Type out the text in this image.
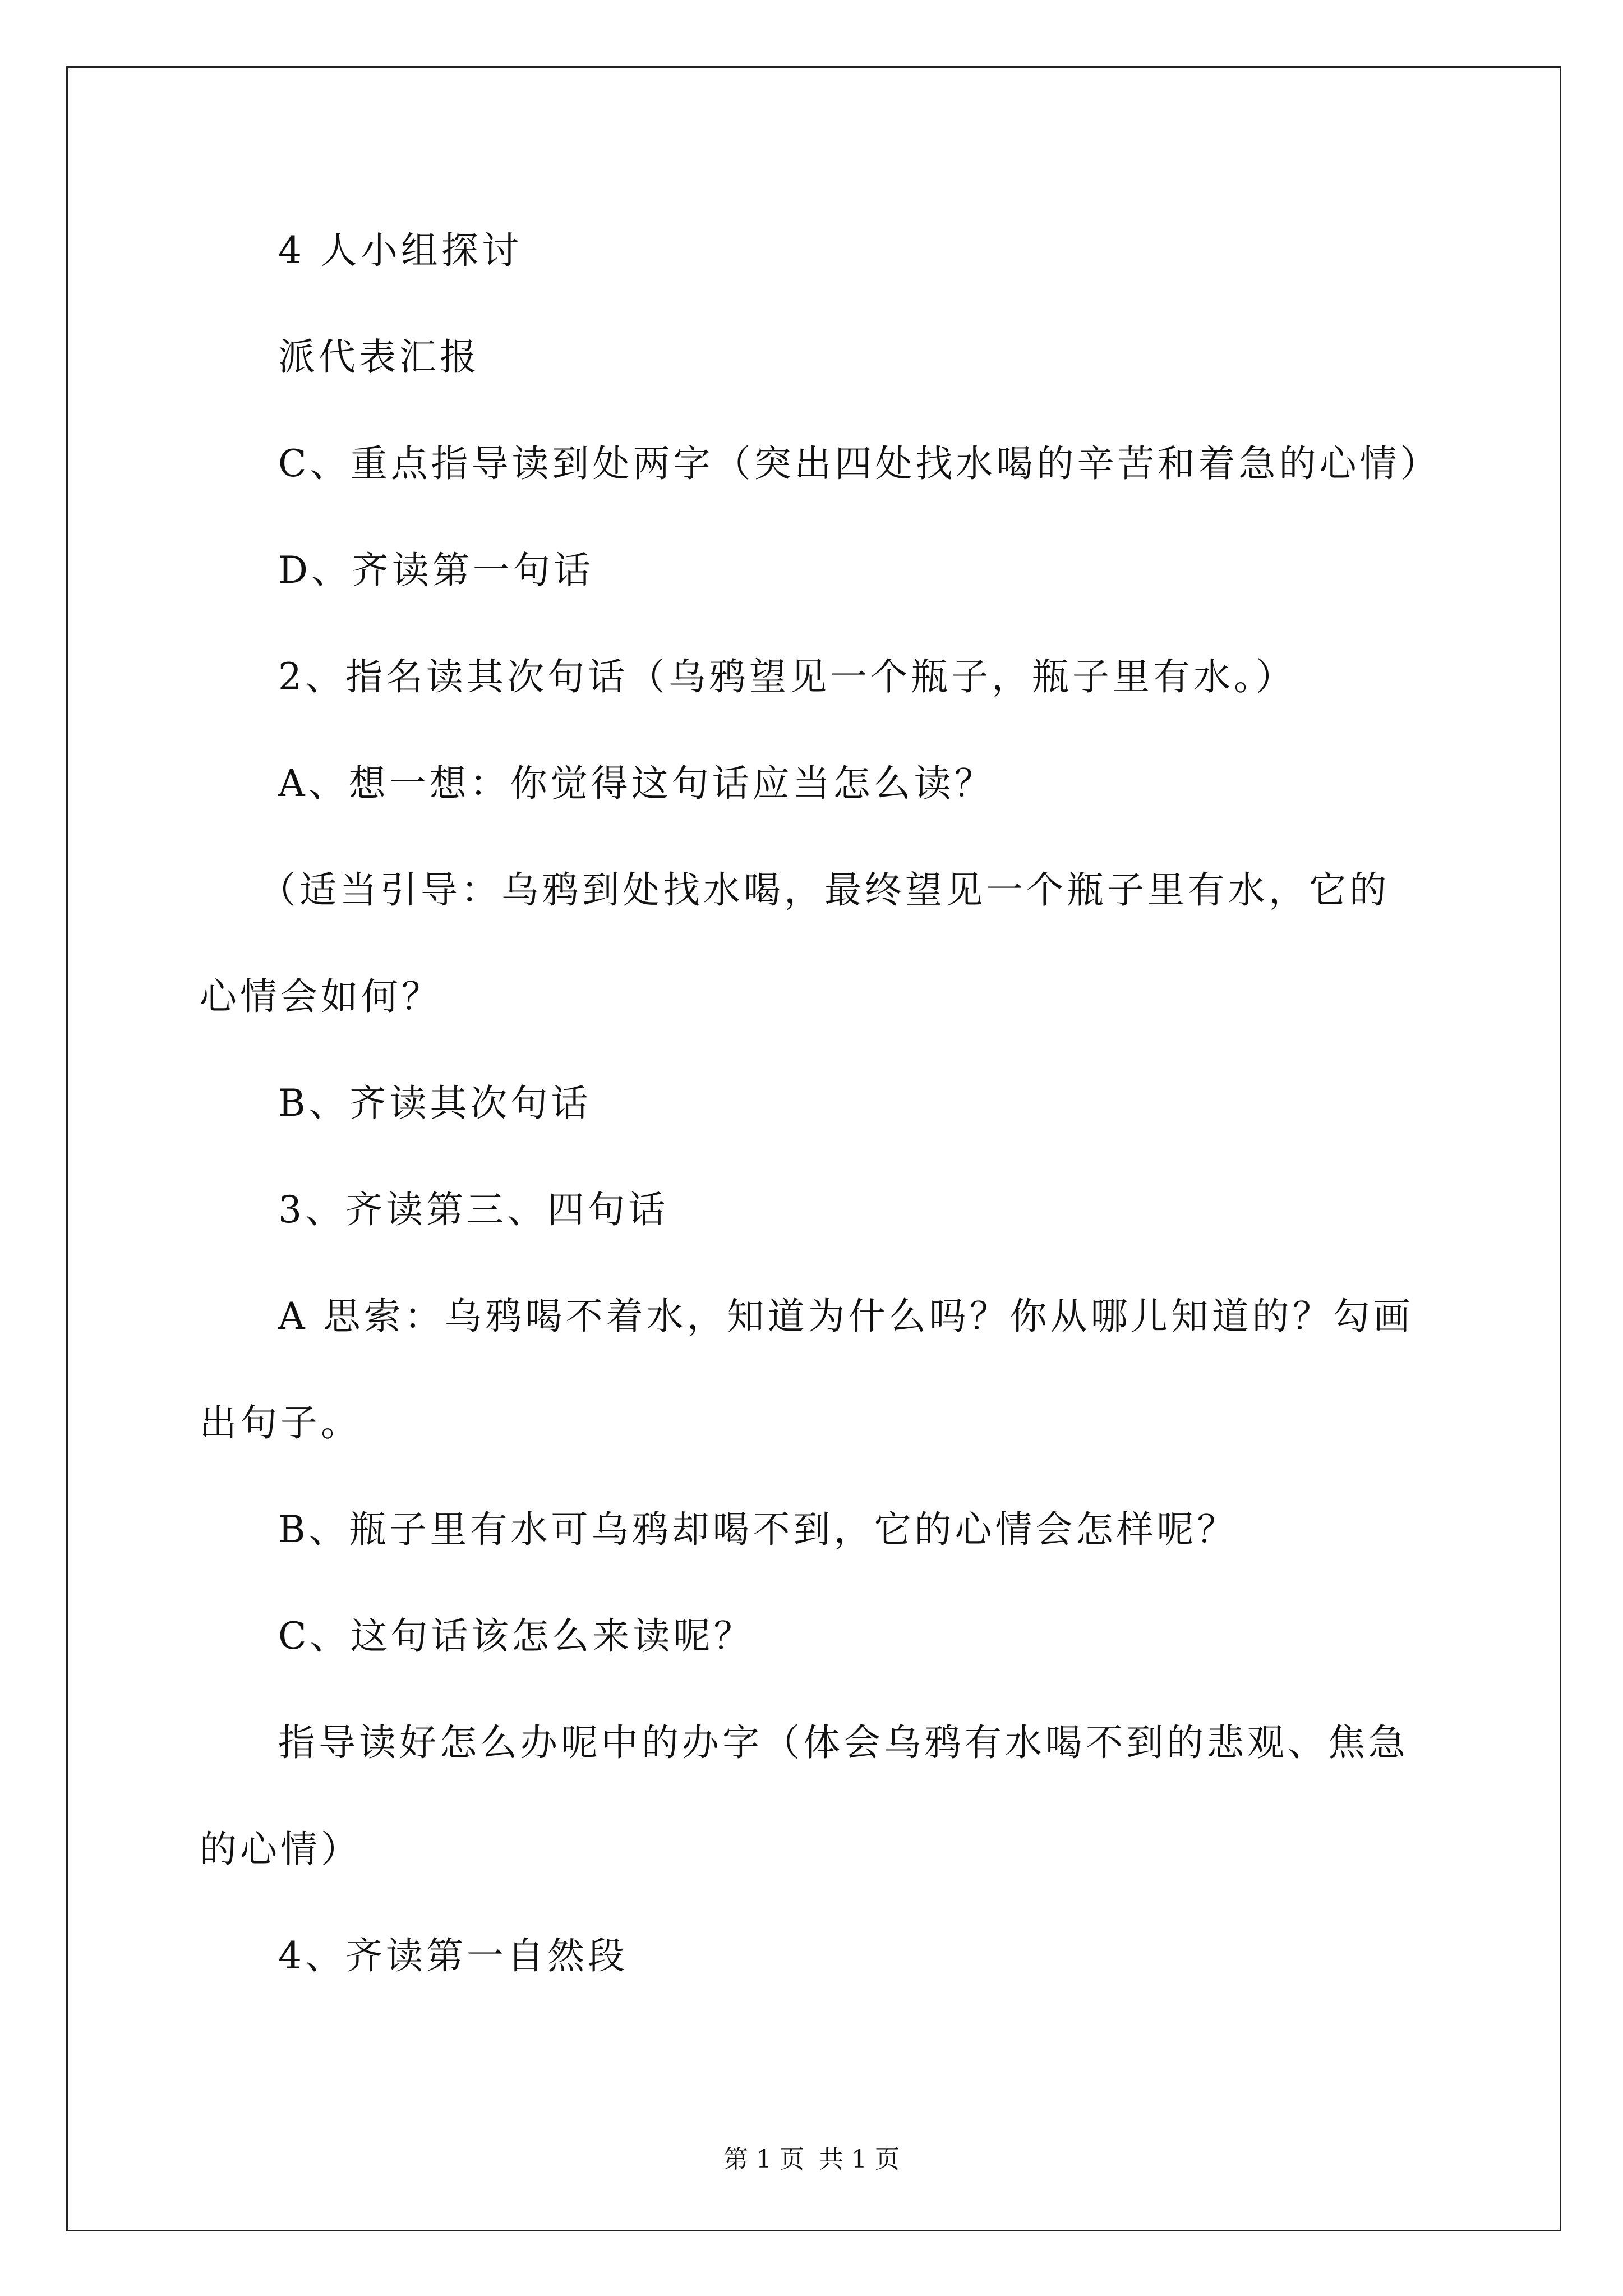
4 人小组探讨
派代表汇报
C、重点指导读到处两字（突出四处找水喝的辛苦和着急的心情）
D、齐读第一句话
2、指名读其次句话（乌鸦望见一个瓶子，瓶子里有水。）
A、想一想：你觉得这句话应当怎么读？
（适当引导：乌鸦到处找水喝，最终望见一个瓶子里有水，它的
心情会如何？
B、齐读其次句话
3、齐读第三、四句话
A 思索：乌鸦喝不着水，知道为什么吗？你从哪儿知道的？勾画
出句子。
B、瓶子里有水可乌鸦却喝不到，它的心情会怎样呢？
C、这句话该怎么来读呢？
指导读好怎么办呢中的办字（体会乌鸦有水喝不到的悲观、焦急
的心情）
4、齐读第一自然段
第 1 页 共 1 页
